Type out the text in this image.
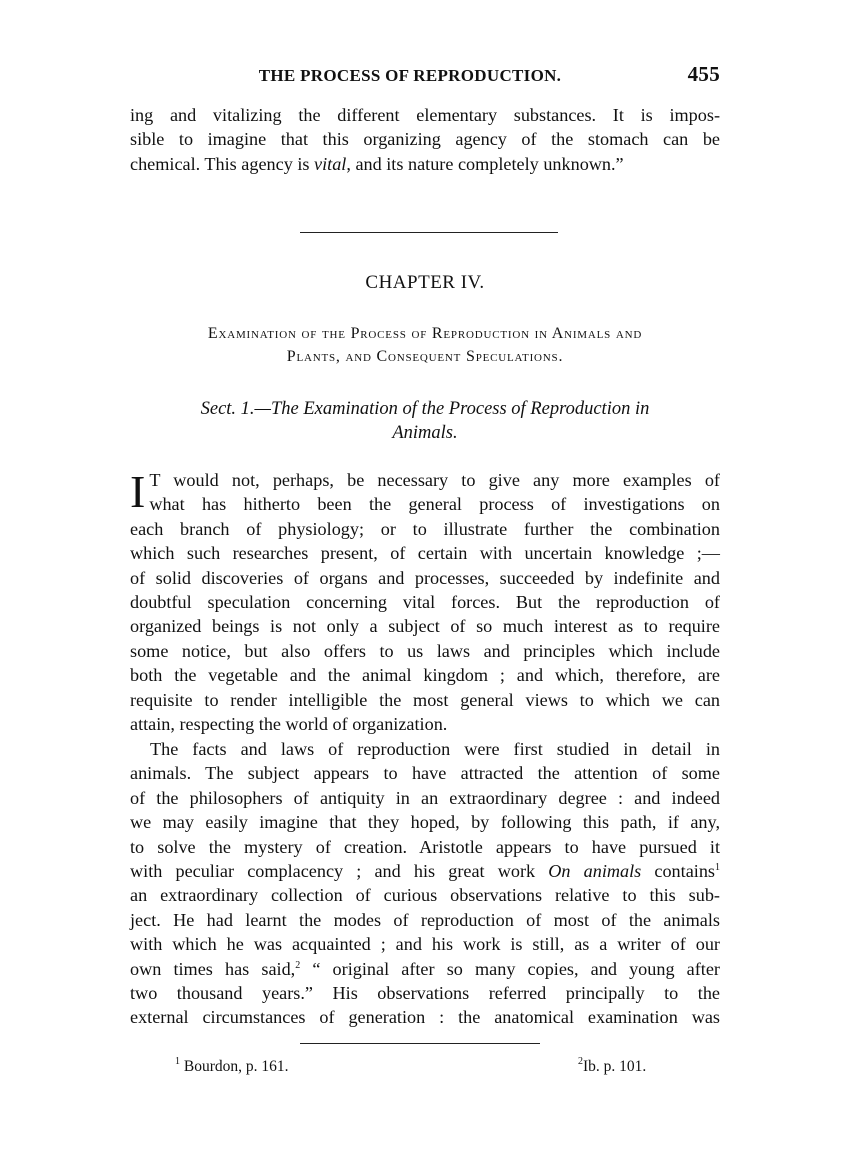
THE PROCESS OF REPRODUCTION.	455
ing and vitalizing the different elementary substances. It is impos-
sible to imagine that this organizing agency of the stomach can be
chemical. This agency is vital, and its nature completely unknown.”
CHAPTER IV.
Examination of the Process of Reproduction in Animals and
Plants, and Consequent Speculations.
Sect. 1.—The Examination of the Process of Reproduction in
Animals.
I T would not, perhaps, be necessary to give any more examples of
what has hitherto been the general process of investigations on
each branch of physiology; or to illustrate further the combination
which such researches present, of certain with uncertain knowledge ;—
of solid discoveries of organs and processes, succeeded by indefinite and
doubtful speculation concerning vital forces. But the reproduction of
organized beings is not only a subject of so much interest as to require
some notice, but also offers to us laws and principles which include
both the vegetable and the animal kingdom ; and which, therefore, are
requisite to render intelligible the most general views to which we can
attain, respecting the world of organization.
The facts and laws of reproduction were first studied in detail in
animals. The subject appears to have attracted the attention of some
of the philosophers of antiquity in an extraordinary degree : and indeed
we may easily imagine that they hoped, by following this path, if any,
to solve the mystery of creation. Aristotle appears to have pursued it
with peculiar complacency ; and his great work On animals contains$^1$
an extraordinary collection of curious observations relative to this sub-
ject. He had learnt the modes of reproduction of most of the animals
with which he was acquainted ; and his work is still, as a writer of our
own times has said,$^2$ “ original after so many copies, and young after
two thousand years.” His observations referred principally to the
external circumstances of generation : the anatomical examination was
$^1$ Bourdon, p. 161.	$^2$Ib. p. 101.
